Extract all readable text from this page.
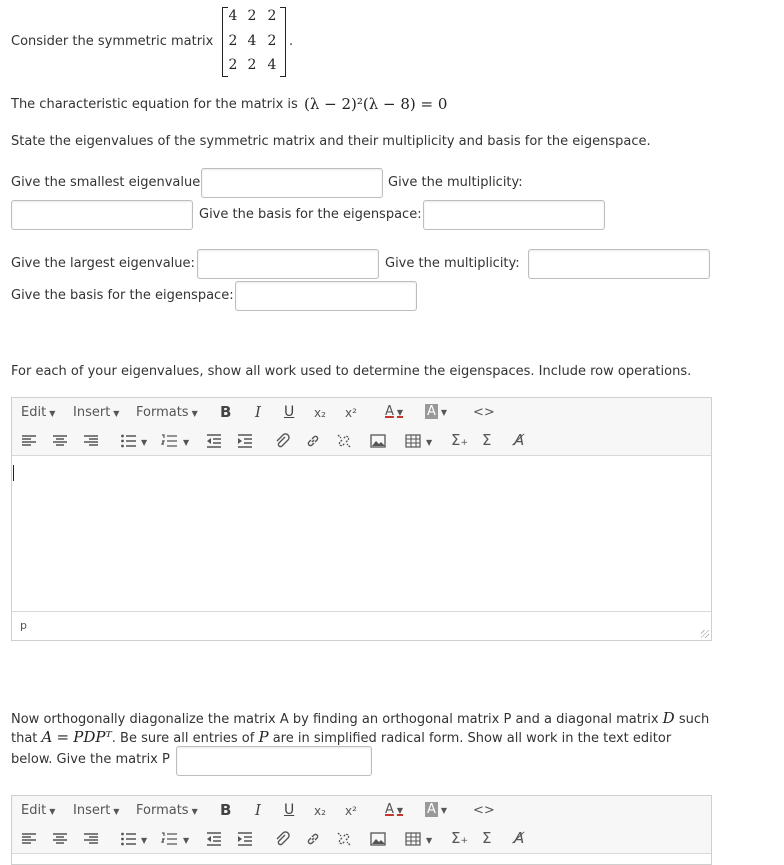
Consider the symmetric matrix
4 2 2
2 4 2
2 2 4
.
The characteristic equation for the matrix is (λ − 2)²(λ − 8) = 0
State the eigenvalues of the symmetric matrix and their multiplicity and basis for the eigenspace.
Give the smallest eigenvalue	Give the multiplicity:
Give the basis for the eigenspace:
Give the largest eigenvalue:	Give the multiplicity:
Give the basis for the eigenspace:
For each of your eigenvalues, show all work used to determine the eigenspaces. Include row operations.
Edit ▼ Insert ▼ Formats ▼ B I U x₂ x² A ▼ A ▼ <>
▼	▼	▼ Σ+ Σ A̸
p
Now orthogonally diagonalize the matrix A by finding an orthogonal matrix P and a diagonal matrix D such
that A = PDPᵀ. Be sure all entries of P are in simplified radical form. Show all work in the text editor
below. Give the matrix P
Edit ▼ Insert ▼ Formats ▼ B I U x₂ x² A ▼ A ▼ <>
▼	▼	▼ Σ+ Σ A̸
